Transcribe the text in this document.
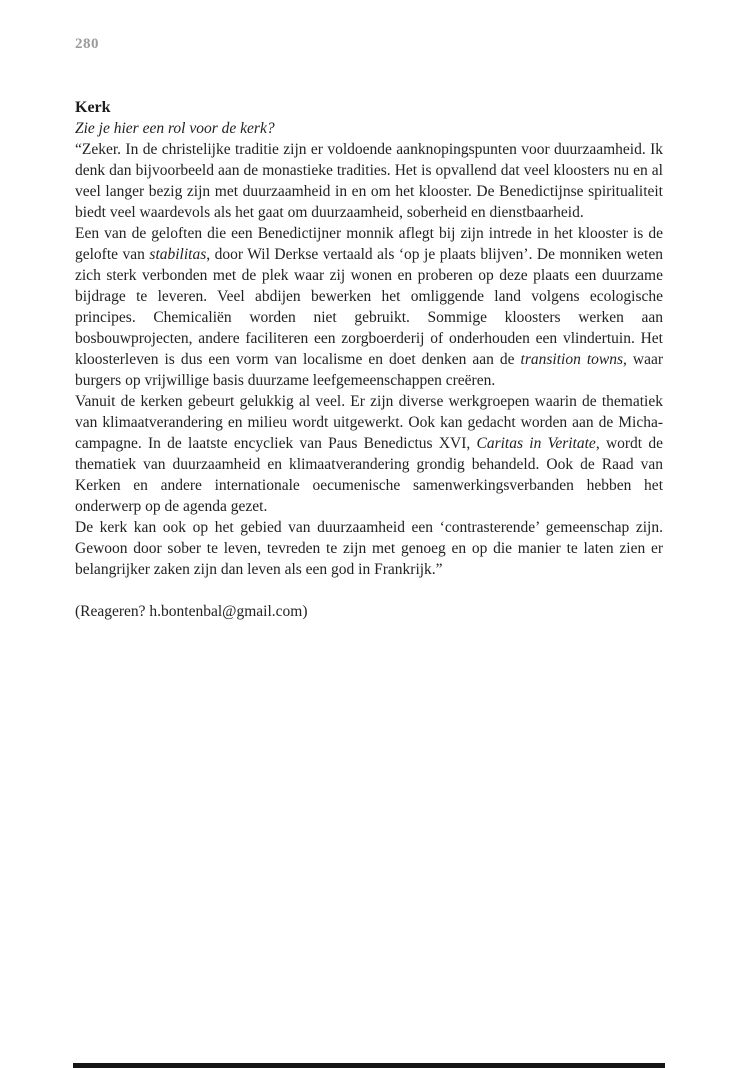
280
Kerk
Zie je hier een rol voor de kerk?

“Zeker. In de christelijke traditie zijn er voldoende aanknopingspunten voor duurzaamheid. Ik denk dan bijvoorbeeld aan de monastieke tradities. Het is opvallend dat veel kloosters nu en al veel langer bezig zijn met duurzaamheid in en om het klooster. De Benedictijnse spiritualiteit biedt veel waardevols als het gaat om duurzaamheid, soberheid en dienstbaarheid.

Een van de geloften die een Benedictijner monnik aflegt bij zijn intrede in het klooster is de gelofte van stabilitas, door Wil Derkse vertaald als ‘op je plaats blijven’. De monniken weten zich sterk verbonden met de plek waar zij wonen en proberen op deze plaats een duurzame bijdrage te leveren. Veel abdijen bewerken het omliggende land volgens ecologische principes. Chemicaliën worden niet gebruikt. Sommige kloosters werken aan bosbouwprojecten, andere faciliteren een zorgboerderij of onderhouden een vlindertuin. Het kloosterleven is dus een vorm van localisme en doet denken aan de transition towns, waar burgers op vrijwillige basis duurzame leefgemeenschappen creëren.

Vanuit de kerken gebeurt gelukkig al veel. Er zijn diverse werkgroepen waarin de thematiek van klimaatverandering en milieu wordt uitgewerkt. Ook kan gedacht worden aan de Micha-campagne. In de laatste encycliek van Paus Benedictus XVI, Caritas in Veritate, wordt de thematiek van duurzaamheid en klimaatverandering grondig behandeld. Ook de Raad van Kerken en andere internationale oecumenische samenwerkingsverbanden hebben het onderwerp op de agenda gezet.

De kerk kan ook op het gebied van duurzaamheid een ‘contrasterende’ gemeenschap zijn. Gewoon door sober te leven, tevreden te zijn met genoeg en op die manier te laten zien er belangrijker zaken zijn dan leven als een god in Frankrijk.”

(Reageren? h.bontenbal@gmail.com)
